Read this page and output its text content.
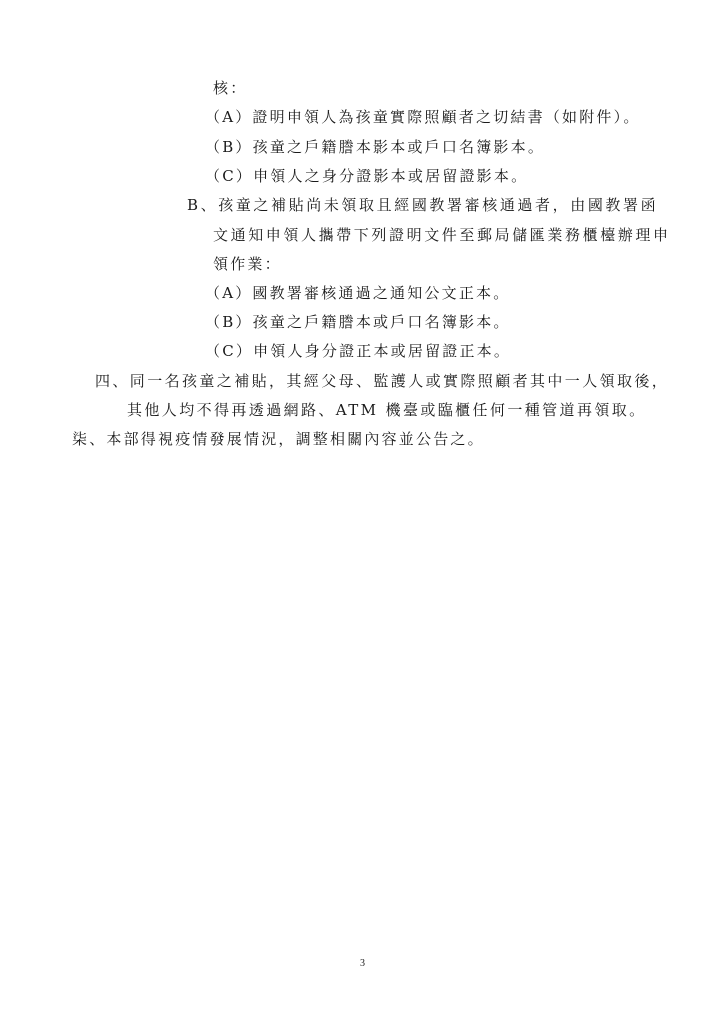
核：
（A）證明申領人為孩童實際照顧者之切結書（如附件）。
（B）孩童之戶籍謄本影本或戶口名簿影本。
（C）申領人之身分證影本或居留證影本。
B、孩童之補貼尚未領取且經國教署審核通過者，由國教署函
文通知申領人攜帶下列證明文件至郵局儲匯業務櫃檯辦理申
領作業：
（A）國教署審核通過之通知公文正本。
（B）孩童之戶籍謄本或戶口名簿影本。
（C）申領人身分證正本或居留證正本。
四、同一名孩童之補貼，其經父母、監護人或實際照顧者其中一人領取後，
其他人均不得再透過網路、ATM 機臺或臨櫃任何一種管道再領取。
柒、本部得視疫情發展情況，調整相關內容並公告之。
3
